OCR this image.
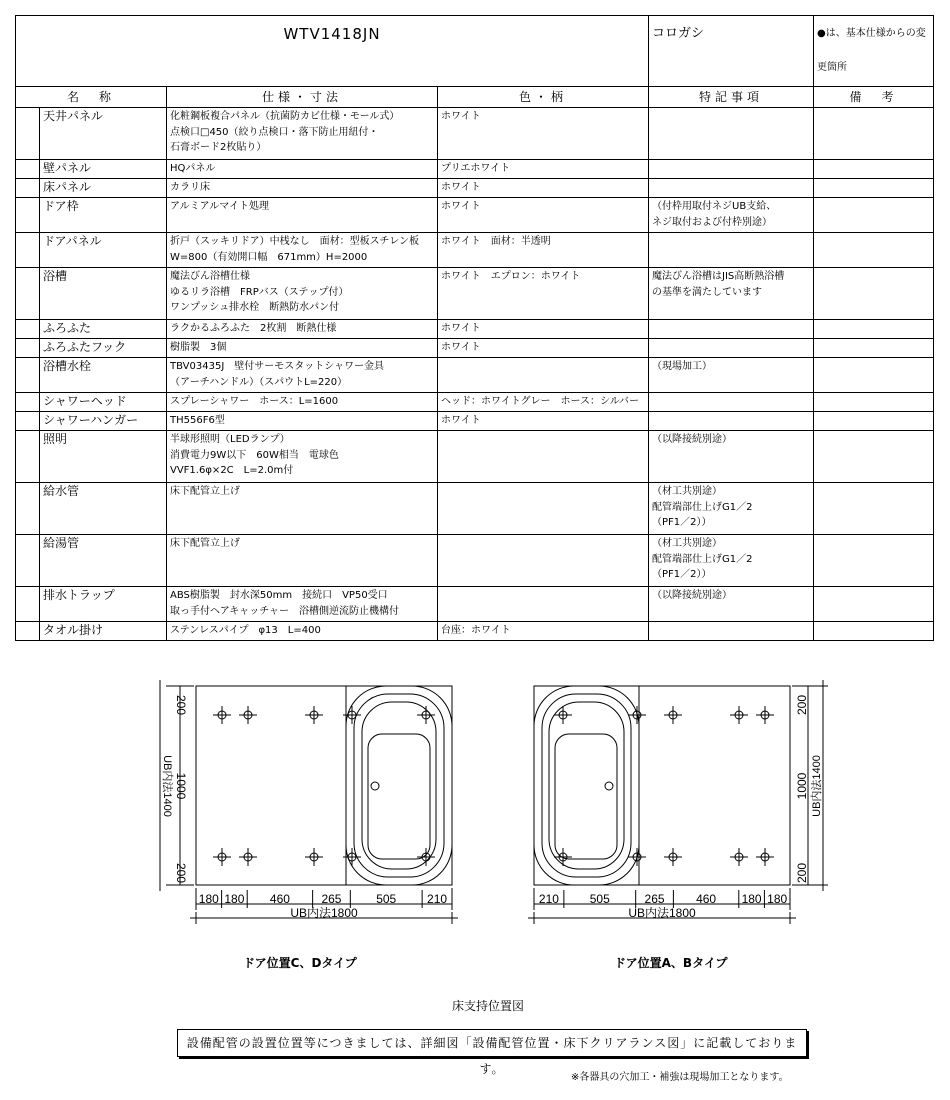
WTV1418JN				コロガシ	●は、基本仕様からの変更箇所
名　称		仕様・寸法	色・柄	特記事項	備　考
	天井パネル	化粧鋼板複合パネル（抗菌防カビ仕様・モール式）
点検口□450（絞り点検口・落下防止用紐付・
石膏ボード2枚貼り）	ホワイト		
	壁パネル	HQパネル	プリエホワイト		
	床パネル	カラリ床	ホワイト		
	ドア枠	アルミアルマイト処理	ホワイト	（付枠用取付ネジUB支給、
ネジ取付および付枠別途）	
	ドアパネル	折戸（スッキリドア）中桟なし　面材：型板スチレン板
W=800（有効開口幅　671mm）H=2000	ホワイト　面材：半透明		
	浴槽	魔法びん浴槽仕様
ゆるリラ浴槽　FRPバス（ステップ付）
ワンプッシュ排水栓　断熱防水パン付	ホワイト　エプロン：ホワイト	魔法びん浴槽はJIS高断熱浴槽
の基準を満たしています	
	ふろふた	ラクかるふろふた　2枚割　断熱仕様	ホワイト		
	ふろふたフック	樹脂製　3個	ホワイト		
	浴槽水栓	TBV03435J　壁付サーモスタットシャワー金具
（アーチハンドル）（スパウトL=220）		（現場加工）	
	シャワーヘッド	スプレーシャワー　ホース：L=1600	ヘッド：ホワイトグレー　ホース：シルバー		
	シャワーハンガー	TH556F6型	ホワイト		
	照明	半球形照明（LEDランプ）
消費電力9W以下　60W相当　電球色
VVF1.6φ×2C　L=2.0m付		（以降接続別途）	
	給水管	床下配管立上げ		（材工共別途）
配管端部仕上げG1／2
（PF1／2））	
	給湯管	床下配管立上げ		（材工共別途）
配管端部仕上げG1／2
（PF1／2））	
	排水トラップ	ABS樹脂製　封水深50mm　接続口　VP50受口
取っ手付ヘアキャッチャー　浴槽側逆流防止機構付		（以降接続別途）	
	タオル掛け	ステンレスパイプ　φ13　L=400	台座：ホワイト		
180 180 460	265	505	210	210	505	265	460 180 180
UB内法1800	UB内法1800
200
1000
200
UB内法1400
200
1000
200
UB内法1400
ドア位置C、Dタイプ	ドア位置A、Bタイプ
床支持位置図
設備配管の設置位置等につきましては、詳細図「設備配管位置・床下クリアランス図」に記載しております。
※各器具の穴加工・補強は現場加工となります。
